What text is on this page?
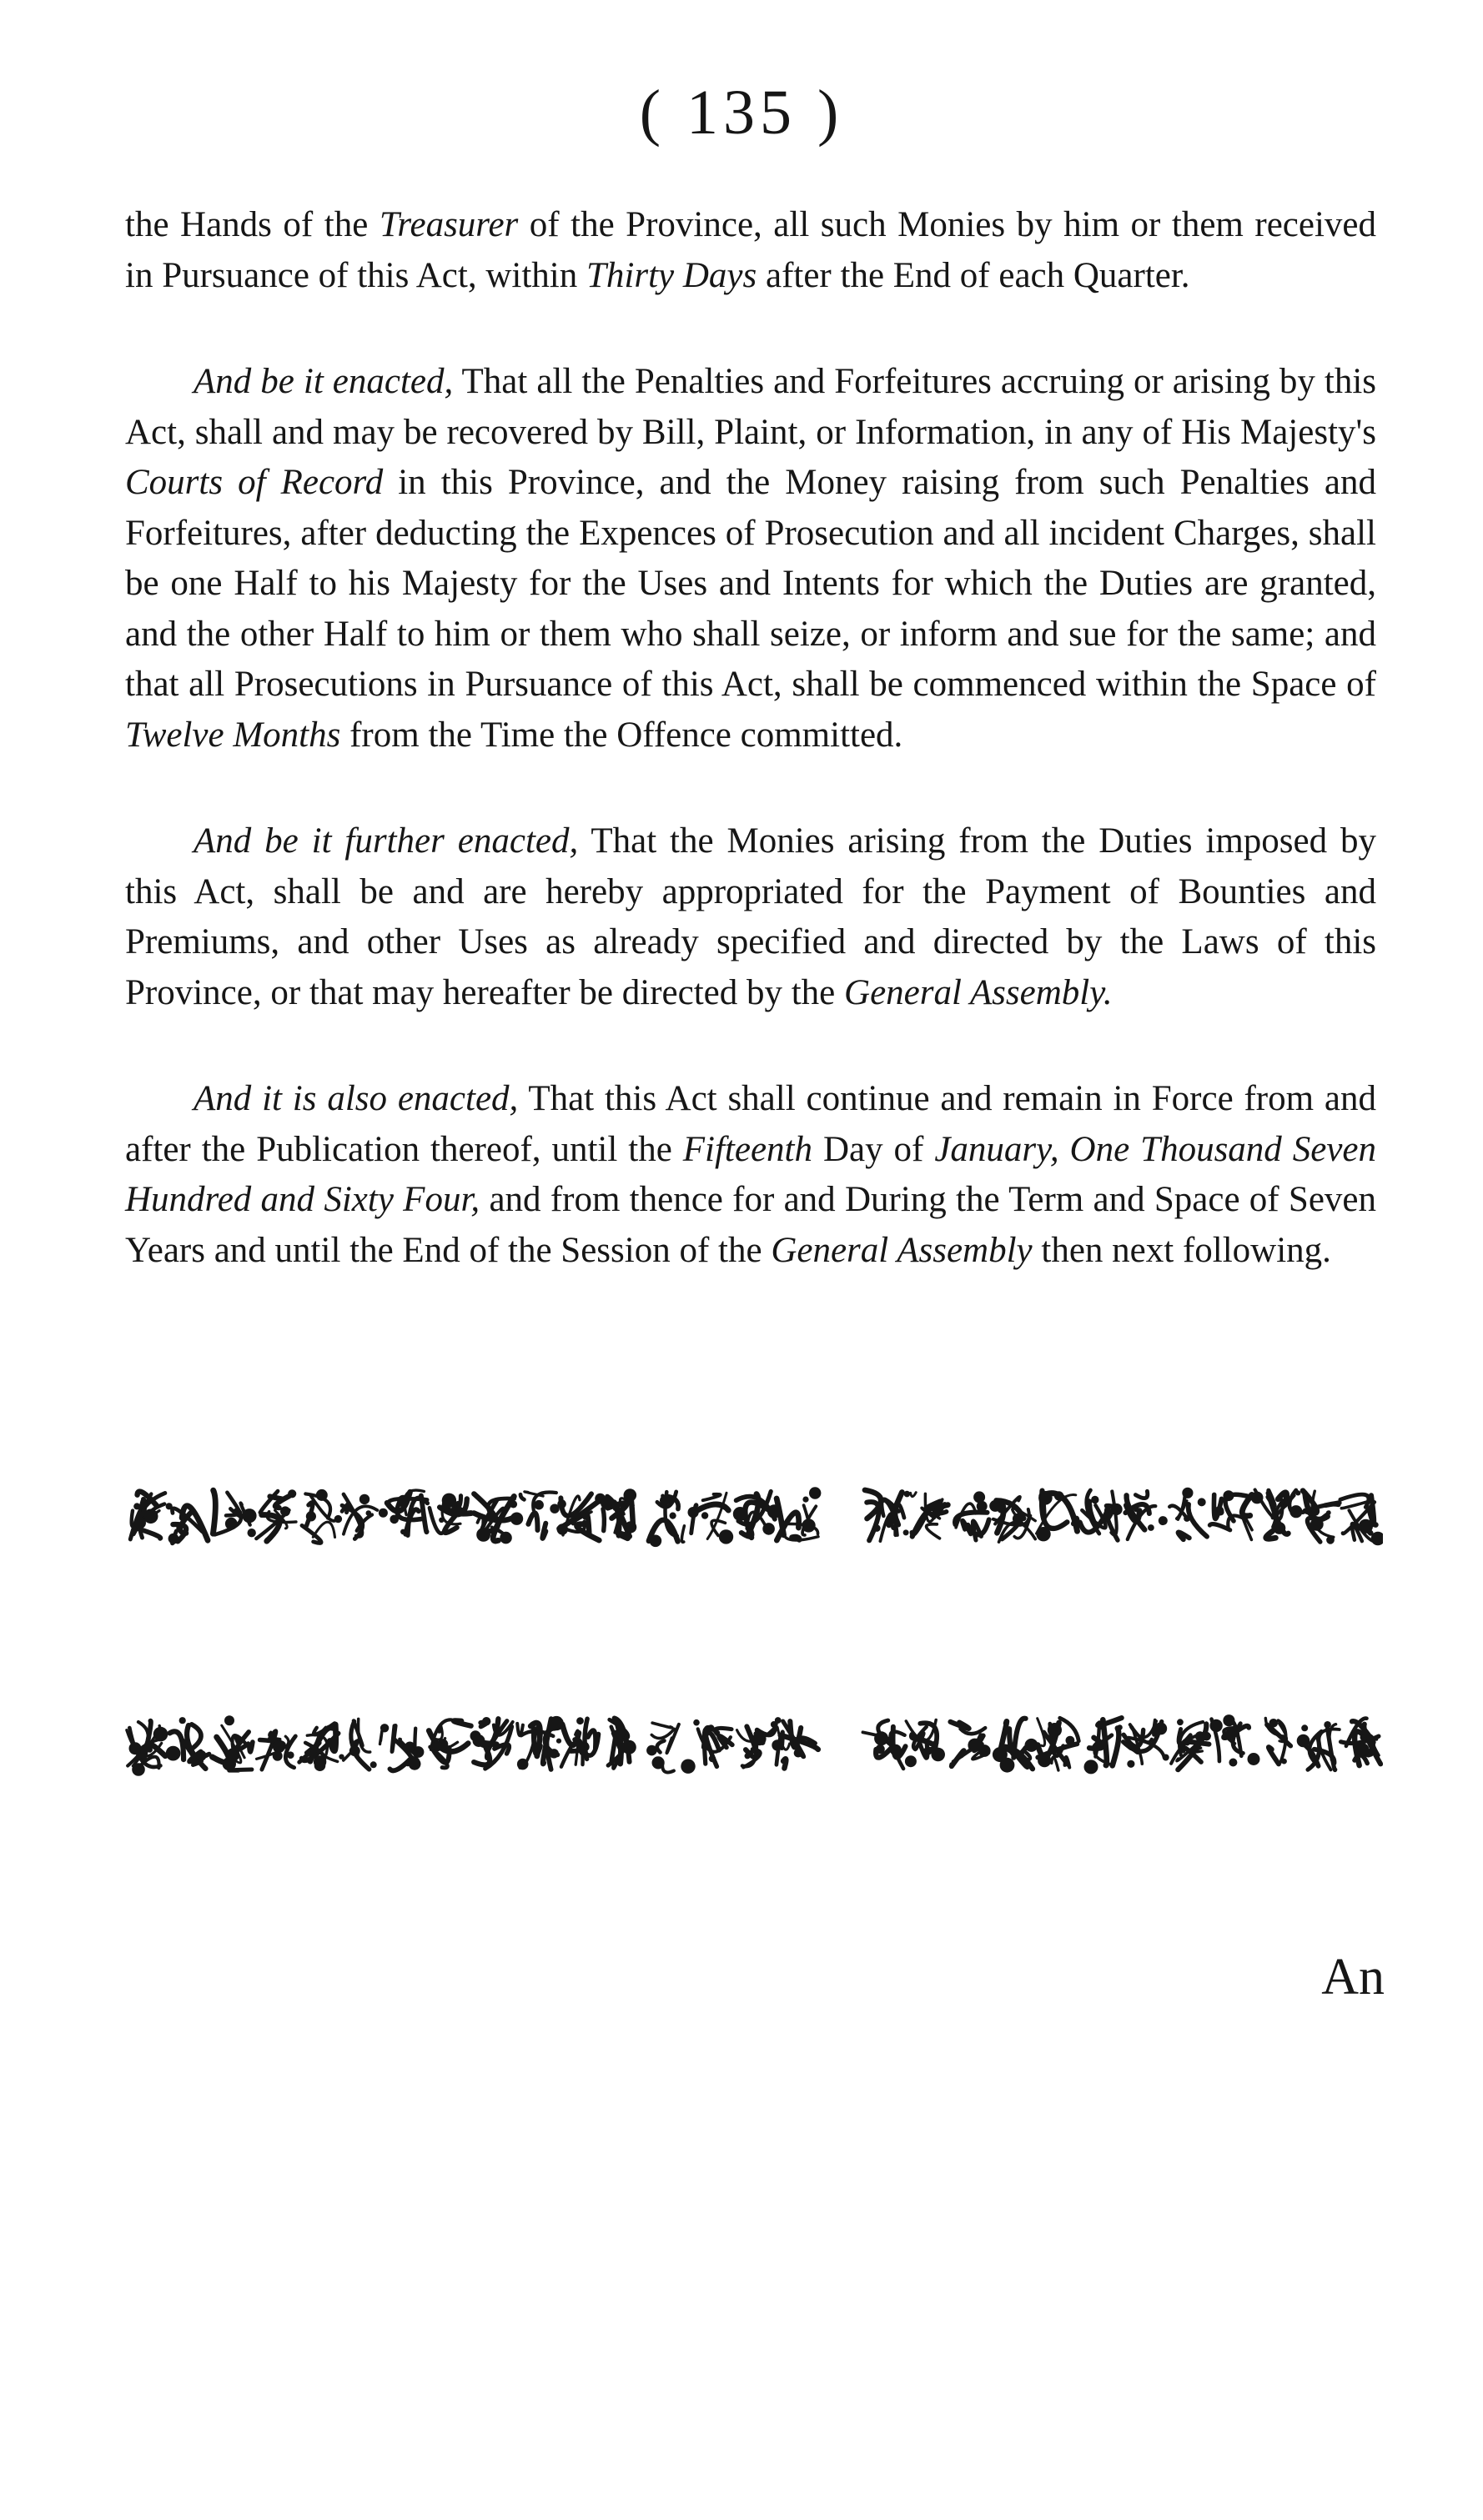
( 135 )

the Hands of the Treasurer of the Province, all such Monies by him or them received in Pursuance of this Act, within Thirty Days after the End of each Quarter.

And be it enacted, That all the Penalties and Forfeitures accruing or arising by this Act, shall and may be recovered by Bill, Plaint, or Information, in any of His Majesty's Courts of Record in this Province, and the Money raising from such Penalties and Forfeitures, after deducting the Expences of Prosecution and all incident Charges, shall be one Half to his Majesty for the Uses and Intents for which the Duties are granted, and the other Half to him or them who shall seize, or inform and sue for the same; and that all Prosecutions in Pursuance of this Act, shall be commenced within the Space of Twelve Months from the Time the Offence committed.

And be it further enacted, That the Monies arising from the Duties imposed by this Act, shall be and are hereby appropriated for the Payment of Bounties and Premiums, and other Uses as already specified and directed by the Laws of this Province, or that may hereafter be directed by the General Assembly.

And it is also enacted, That this Act shall continue and remain in Force from and after the Publication thereof, until the Fifteenth Day of January, One Thousand Seven Hundred and Sixty Four, and from thence for and During the Term and Space of Seven Years and until the End of the Session of the General Assembly then next following.

An
